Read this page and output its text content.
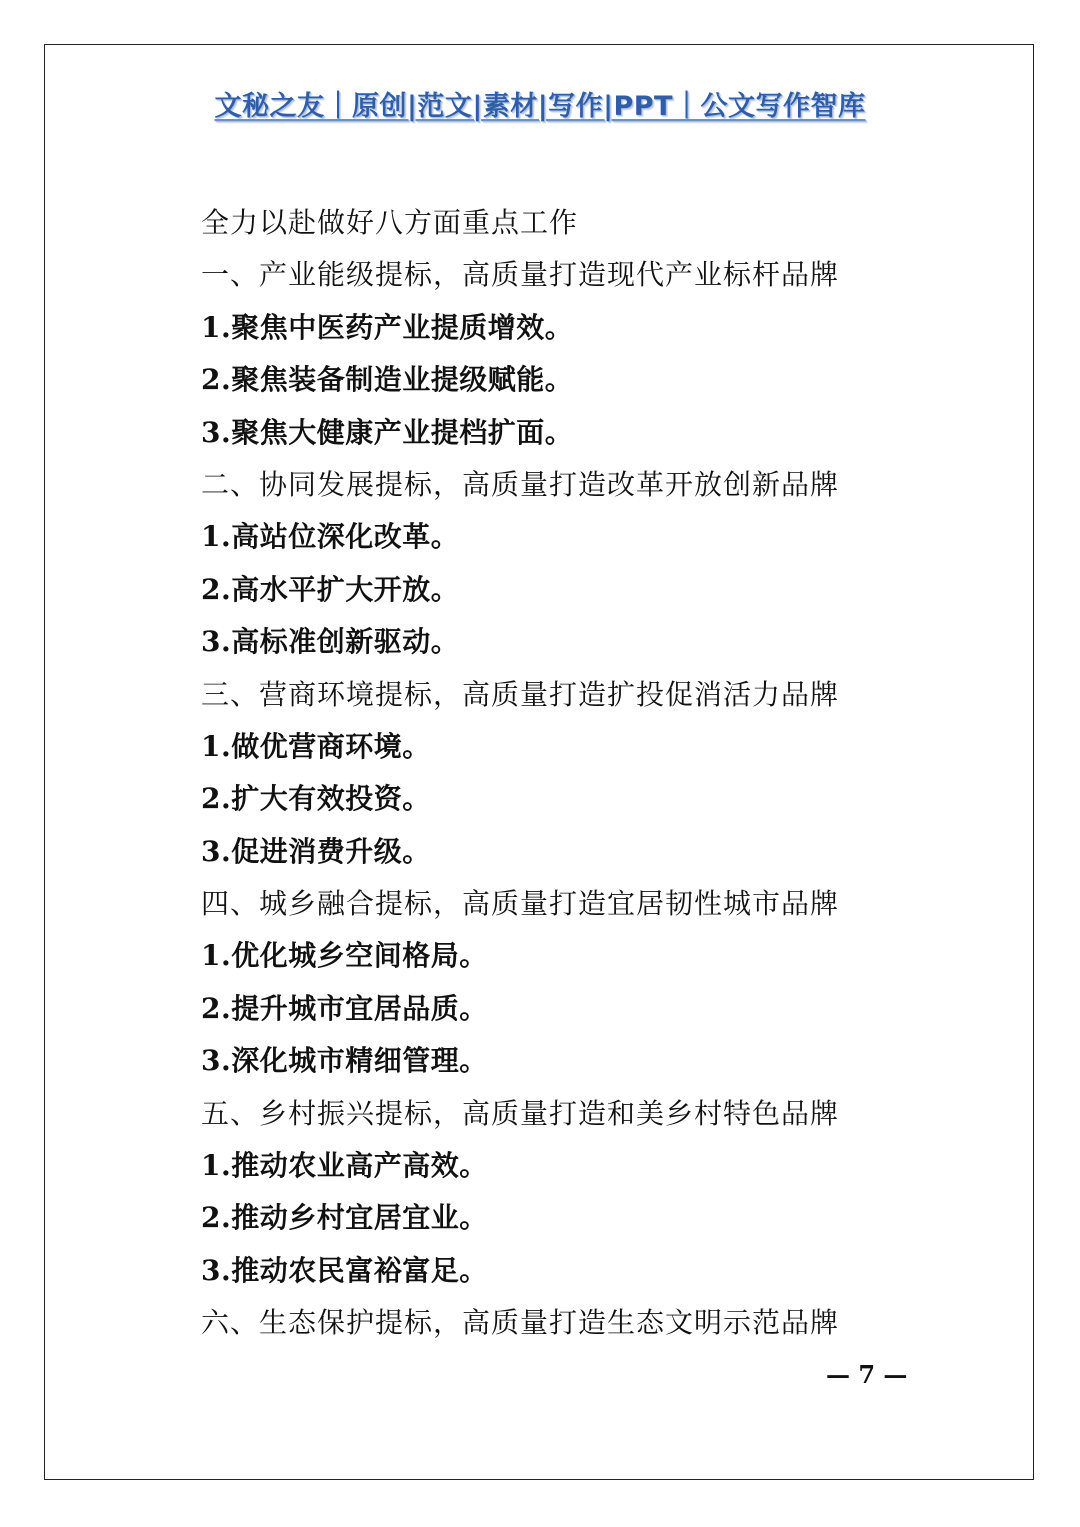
文秘之友｜原创|范文|素材|写作|PPT｜公文写作智库
全力以赴做好八方面重点工作
一、产业能级提标，高质量打造现代产业标杆品牌
1.聚焦中医药产业提质增效。
2.聚焦装备制造业提级赋能。
3.聚焦大健康产业提档扩面。
二、协同发展提标，高质量打造改革开放创新品牌
1.高站位深化改革。
2.高水平扩大开放。
3.高标准创新驱动。
三、营商环境提标，高质量打造扩投促消活力品牌
1.做优营商环境。
2.扩大有效投资。
3.促进消费升级。
四、城乡融合提标，高质量打造宜居韧性城市品牌
1.优化城乡空间格局。
2.提升城市宜居品质。
3.深化城市精细管理。
五、乡村振兴提标，高质量打造和美乡村特色品牌
1.推动农业高产高效。
2.推动乡村宜居宜业。
3.推动农民富裕富足。
六、生态保护提标，高质量打造生态文明示范品牌
— 7 —
